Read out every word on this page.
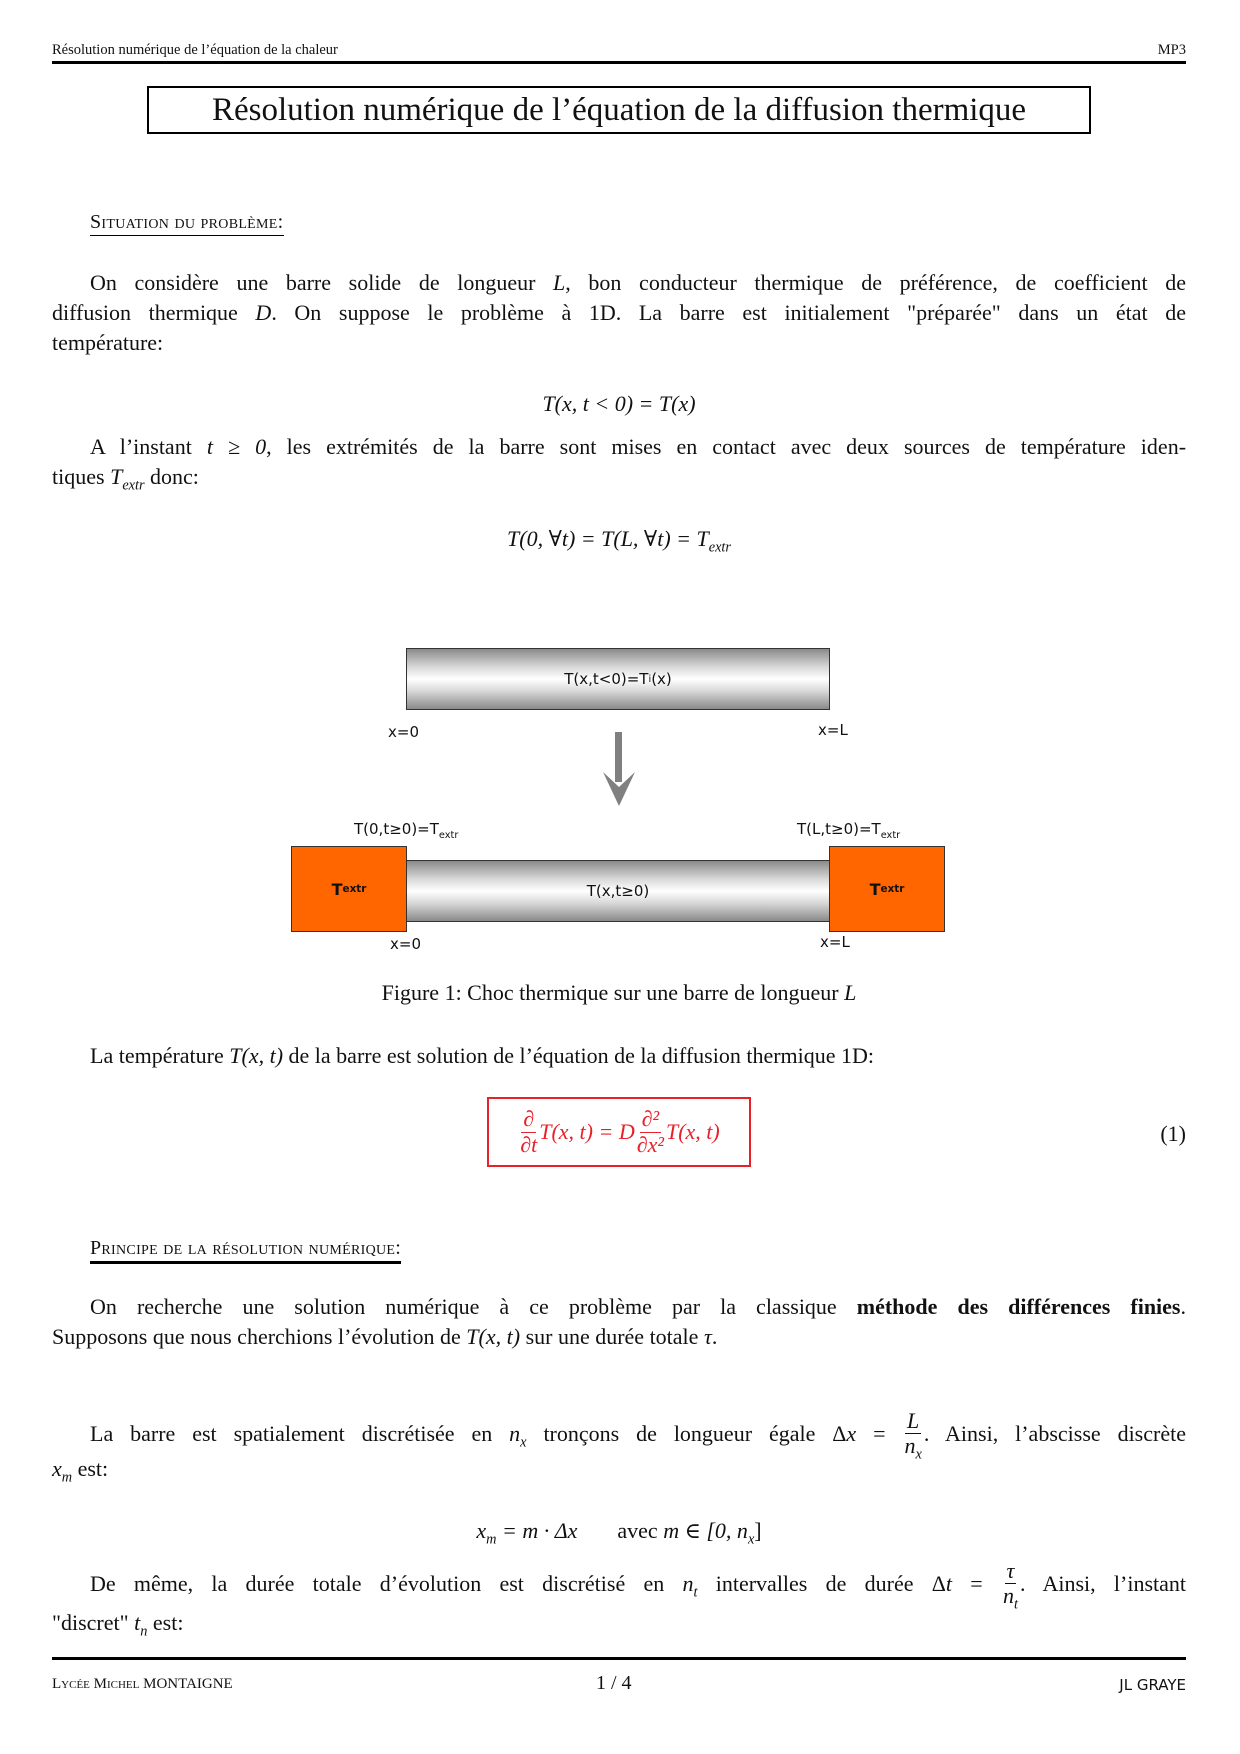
Résolution numérique de l’équation de la chaleur	MP3
Résolution numérique de l’équation de la diffusion thermique
Situation du problème:
On considère une barre solide de longueur L, bon conducteur thermique de préférence, de coefficient de
diffusion thermique D. On suppose le problème à 1D. La barre est initialement "préparée" dans un état de
température:
T(x, t < 0) = T(x)
A l’instant t ≥ 0, les extrémités de la barre sont mises en contact avec deux sources de température iden-
tiques $T_{extr}$ donc:
T(0, ∀t) = T(L, ∀t) = $T_{extr}$
T(x,t<0)=T i (x)
x=0	x=L
$T(0,t\ge 0)=T_{extr}$	$T(L,t\ge 0)=T_{extr}$
T(x,t≥0)
T extr	T extr
x=0	x=L
Figure 1: Choc thermique sur une barre de longueur L
La température T(x, t) de la barre est solution de l’équation de la diffusion thermique 1D:
$\frac{\partial}{\partial t} T(x$, t) = D $\frac{\text{∂²}}{\text{∂x²}} T(x$, t)	(1)
Principe de la résolution numérique:
On recherche une solution numérique à ce problème par la classique méthode des différences finies.
Supposons que nous cherchions l’évolution de T(x, t) sur une durée totale τ.
La barre est spatialement discrétisée en $n_x$ tronçons de longueur égale $\Delta x = \frac{L}{n_x}$ . Ainsi, l’abscisse discrète
$x_m$ est:
$x_m = m \cdot \Delta x$ avec m ∈ [0, $n_x$]
De même, la durée totale d’évolution est discrétisé en $n_t$ intervalles de durée $\Delta t = \frac{\tau}{n_t}$ . Ainsi, l’instant
"discret" $t_n$ est:
Lycée Michel MONTAIGNE	1 / 4	JL GRAYE
